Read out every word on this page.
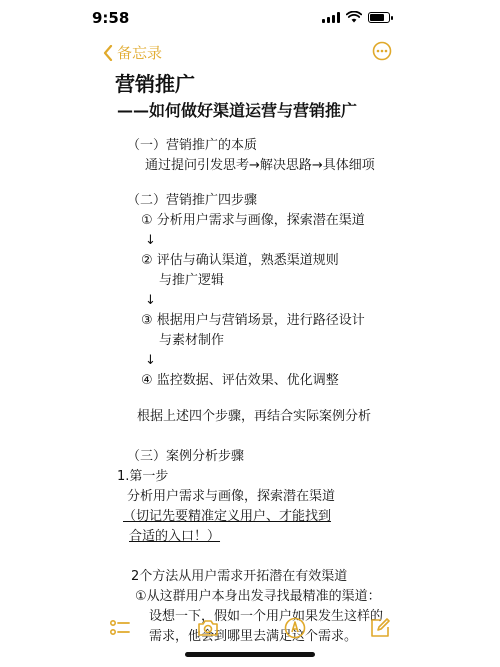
9:58
备忘录
营销推广
——如何做好渠道运营与营销推广
（一）营销推广的本质
通过提问引发思考→解决思路→具体细项
（二）营销推广四步骤
① 分析用户需求与画像，探索潜在渠道
↓
② 评估与确认渠道，熟悉渠道规则
与推广逻辑
↓
③ 根据用户与营销场景，进行路径设计
与素材制作
↓
④ 监控数据、评估效果、优化调整
根据上述四个步骤，再结合实际案例分析
（三）案例分析步骤
1.第一步
分析用户需求与画像，探索潜在渠道
（切记先要精准定义用户、才能找到
合适的入口！）
2个方法从用户需求开拓潜在有效渠道
①从这群用户本身出发寻找最精准的渠道：
设想一下，假如一个用户如果发生这样的
需求，他会到哪里去满足这个需求。
